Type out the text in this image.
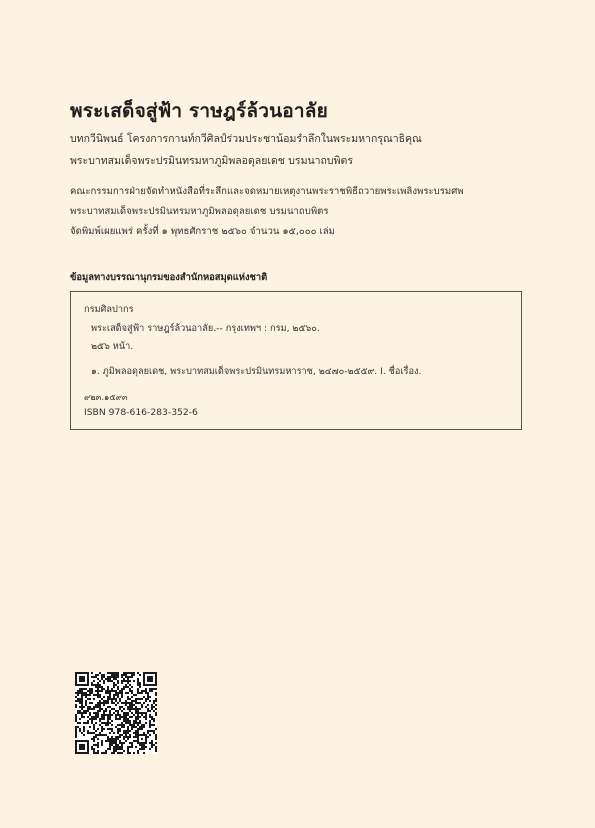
พระเสด็จสู่ฟ้า ราษฎร์ล้วนอาลัย
บทกวีนิพนธ์ โครงการกานท์กวีศิลป์ร่วมประชาน้อมรำลึกในพระมหากรุณาธิคุณ
พระบาทสมเด็จพระปรมินทรมหาภูมิพลอดุลยเดช บรมนาถบพิตร
คณะกรรมการฝ่ายจัดทำหนังสือที่ระลึกและจดหมายเหตุงานพระราชพิธีถวายพระเพลิงพระบรมศพ
พระบาทสมเด็จพระปรมินทรมหาภูมิพลอดุลยเดช บรมนาถบพิตร
จัดพิมพ์เผยแพร่ ครั้งที่ ๑ พุทธศักราช ๒๕๖๐ จำนวน ๑๕,๐๐๐ เล่ม
ข้อมูลทางบรรณานุกรมของสำนักหอสมุดแห่งชาติ
กรมศิลปากร
พระเสด็จสู่ฟ้า ราษฎร์ล้วนอาลัย.-- กรุงเทพฯ : กรม, ๒๕๖๐.
๒๕๖ หน้า.
๑. ภูมิพลอดุลยเดช, พระบาทสมเด็จพระปรมินทรมหาราช, ๒๔๗๐-๒๕๕๙. I. ชื่อเรื่อง.
๙๒๓.๑๕๙๓
ISBN 978-616-283-352-6
